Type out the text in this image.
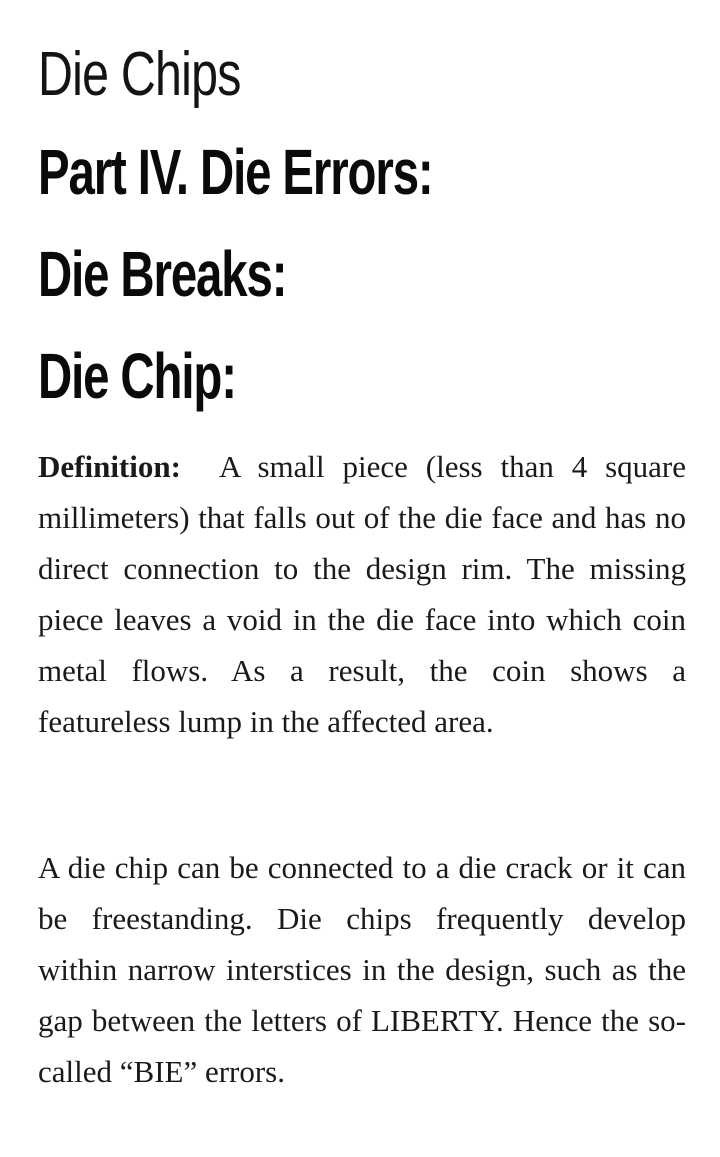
Die Chips
Part IV. Die Errors:
Die Breaks:
Die Chip:

Definition: A small piece (less than 4 square millimeters) that falls out of the die face and has no direct connection to the design rim. The missing piece leaves a void in the die face into which coin metal flows. As a result, the coin shows a featureless lump in the affected area.

A die chip can be connected to a die crack or it can be freestanding. Die chips frequently develop within narrow interstices in the design, such as the gap between the letters of LIBERTY. Hence the so-called “BIE” errors.
